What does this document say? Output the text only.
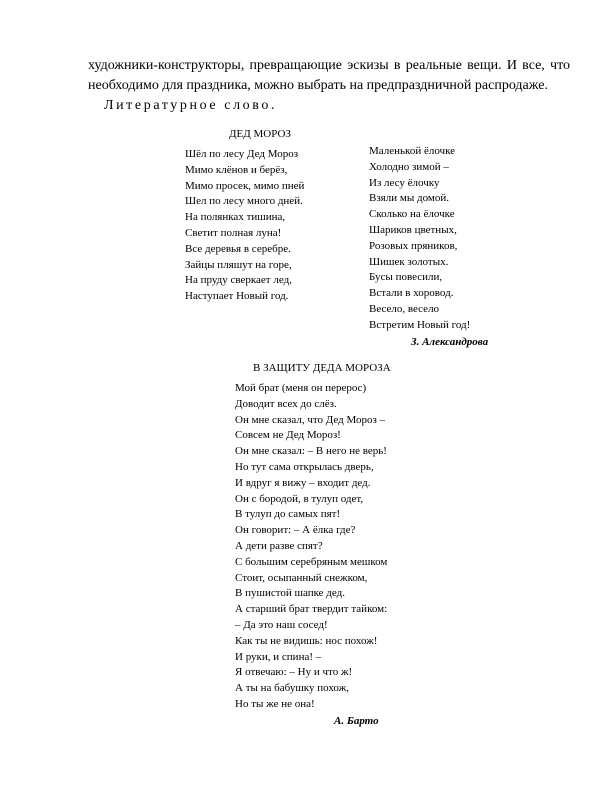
художники-конструкторы, превращающие эскизы в реальные вещи. И все, что

необходимо для праздника, можно выбрать на предпраздничной распродаже.

Литературное слово.
ДЕД МОРОЗ
Шёл по лесу Дед Мороз
Мимо клёнов и берёз,
Мимо просек, мимо пней
Шел по лесу много дней.
На полянках тишина,
Светит полная луна!
Все деревья в серебре.
Зайцы пляшут на горе,
На пруду сверкает лед,
Наступает Новый год.
Маленькой ёлочке
Холодно зимой –
Из лесу ёлочку
Взяли мы домой.
Сколько на ёлочке
Шариков цветных,
Розовых пряников,
Шишек золотых.
Бусы повесили,
Встали в хоровод.
Весело, весело
Встретим Новый год!
З. Александрова
В ЗАЩИТУ ДЕДА МОРОЗА
Мой брат (меня он перерос)
Доводит всех до слёз.
Он мне сказал, что Дед Мороз –
Совсем не Дед Мороз!
Он мне сказал: – В него не верь!
Но тут сама открылась дверь,
И вдруг я вижу – входит дед.
Он с бородой, в тулуп одет,
В тулуп до самых пят!
Он говорит: – А ёлка где?
А дети разве спят?
С большим серебряным мешком
Стоит, осыпанный снежком,
В пушистой шапке дед.
А старший брат твердит тайком:
– Да это наш сосед!
Как ты не видишь: нос похож!
И руки, и спина! –
Я отвечаю: – Ну и что ж!
А ты на бабушку похож,
Но ты же не она!
А. Барто
